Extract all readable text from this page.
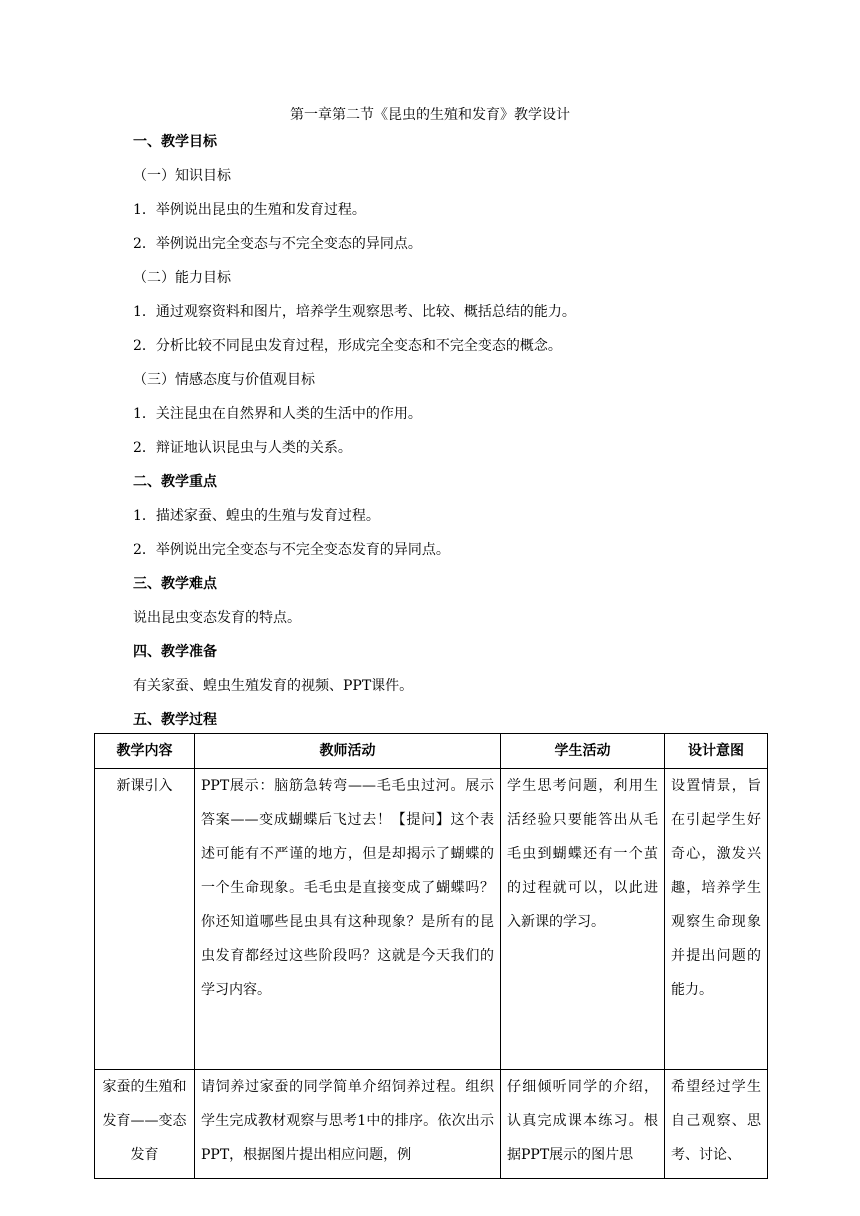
第一章第二节《昆虫的生殖和发育》教学设计
一、教学目标
（一）知识目标
1．举例说出昆虫的生殖和发育过程。
2．举例说出完全变态与不完全变态的异同点。
（二）能力目标
1．通过观察资料和图片，培养学生观察思考、比较、概括总结的能力。
2．分析比较不同昆虫发育过程，形成完全变态和不完全变态的概念。
（三）情感态度与价值观目标
1．关注昆虫在自然界和人类的生活中的作用。
2．辩证地认识昆虫与人类的关系。
二、教学重点
1．描述家蚕、蝗虫的生殖与发育过程。
2．举例说出完全变态与不完全变态发育的异同点。
三、教学难点
说出昆虫变态发育的特点。
四、教学准备
有关家蚕、蝗虫生殖发育的视频、PPT课件。
五、教学过程
教学内容	教师活动	学生活动	设计意图
新课引入	PPT展示：脑筋急转弯——毛毛虫过河。展示答案——变成蝴蝶后飞过去！【提问】这个表述可能有不严谨的地方，但是却揭示了蝴蝶的一个生命现象。毛毛虫是直接变成了蝴蝶吗？你还知道哪些昆虫具有这种现象？是所有的昆虫发育都经过这些阶段吗？这就是今天我们的学习内容。	学生思考问题，利用生活经验只要能答出从毛毛虫到蝴蝶还有一个茧的过程就可以，以此进入新课的学习。	设置情景，旨在引起学生好奇心，激发兴趣，培养学生观察生命现象并提出问题的能力。
家蚕的生殖和发育——变态发育	请饲养过家蚕的同学简单介绍饲养过程。组织学生完成教材观察与思考1中的排序。依次出示PPT，根据图片提出相应问题，例	仔细倾听同学的介绍，认真完成课本练习。根据PPT展示的图片思	希望经过学生自己观察、思考、讨论、
